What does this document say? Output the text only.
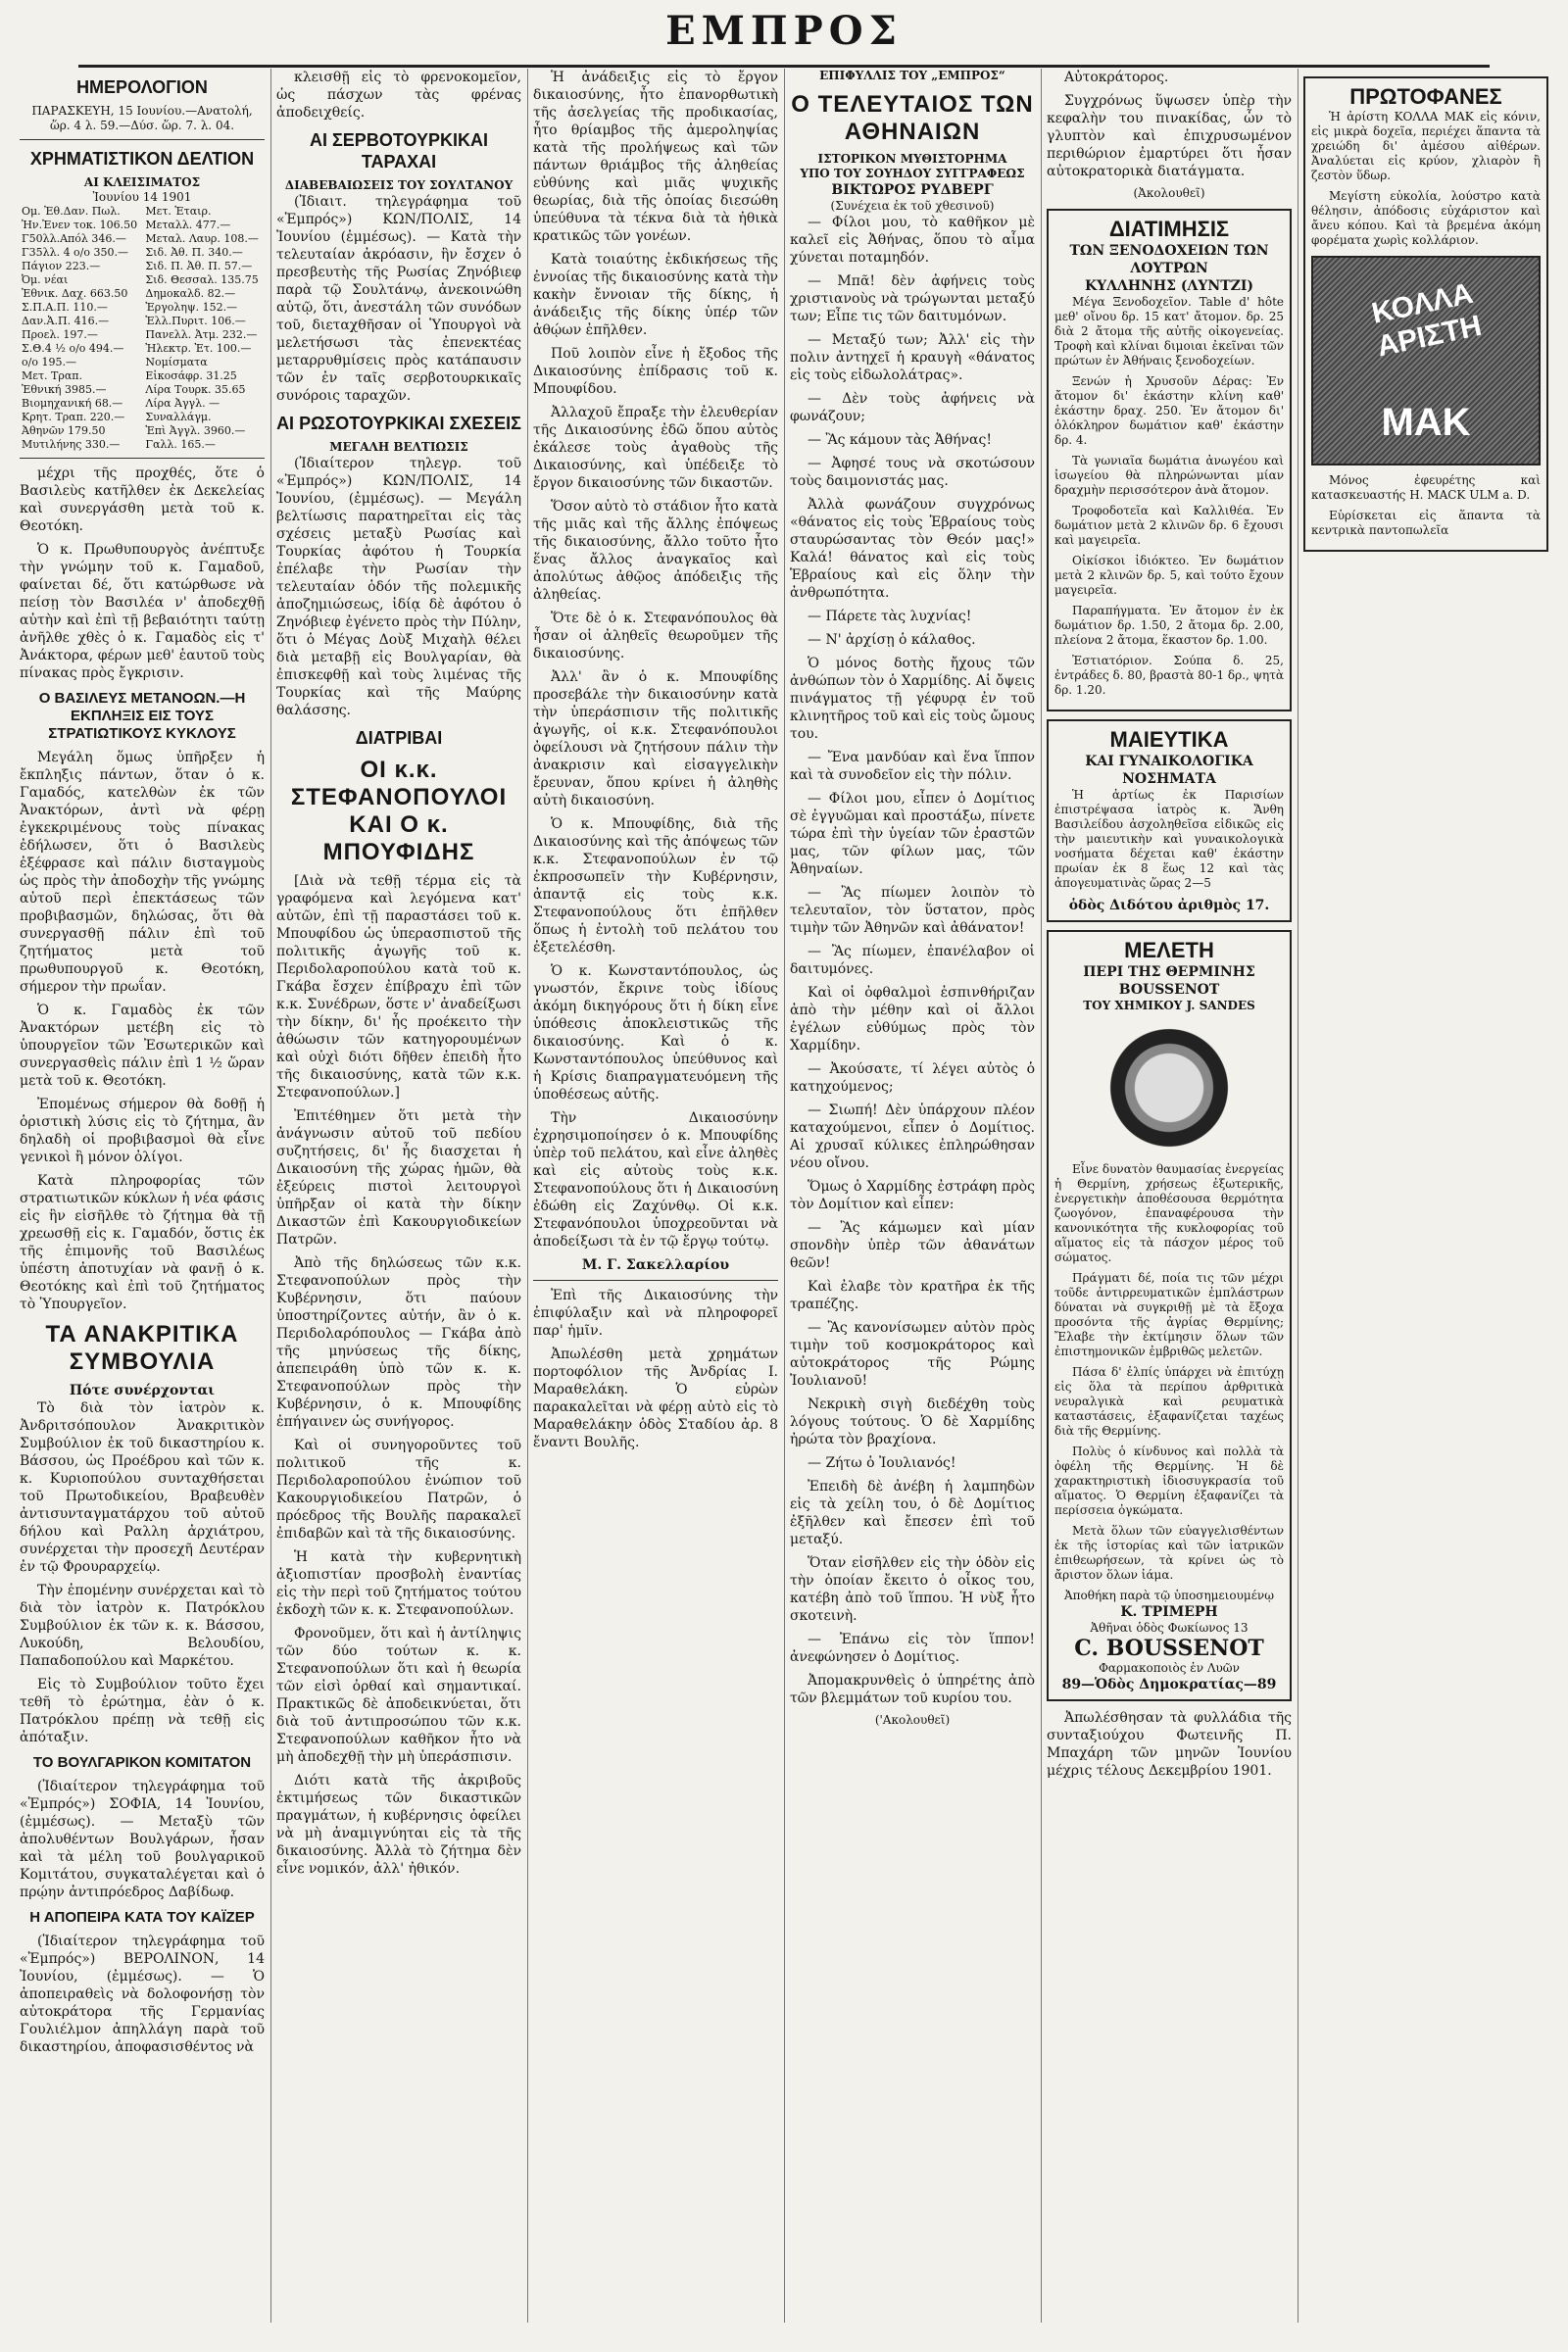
ΕΜΠΡΟΣ
ΗΜΕΡΟΛΟΓΙΟΝ
ΠΑΡΑΣΚΕΥΗ, 15 Ιουνίου.—Ανατολή,
ὥρ. 4 λ. 59.—Δύσ. ὥρ. 7. λ. 04.
ΧΡΗΜΑΤΙΣΤΙΚΟΝ ΔΕΛΤΙΟΝ
ΑΙ ΚΛΕΙΣΙΜΑΤΟΣ
Ἰουνίου 14 1901
Ομ. Ἐθ.Δαν. Πωλ.	Μετ. Ἑταιρ.
Ἡν.Ἐνεν τοκ. 106.50	Μεταλλ. 477.—
Γ50λλ.Απόλ 346.—	Μεταλ. Λαυρ. 108.—
Γ35λλ. 4 ο/ο 350.—	Σιδ. Ἀθ. Π. 340.—
Πάγιον 223.—	Σιδ. Π. Ἀθ. Π. 57.—
Ὀμ. νέαι	Σιδ. Θεσσαλ. 135.75
Ἐθνικ. Δαχ. 663.50	Δημοκαλδ. 82.—
Σ.Π.Α.Π. 110.—	Ἐργοληψ. 152.—
Δαν.Ἀ.Π. 416.—	Ἑλλ.Πυριτ. 106.—
Προελ. 197.—	Πανελλ. Ἀτμ. 232.—
Σ.Θ.4 ½ ο/ο 494.—	Ἠλεκτρ. Ἐτ. 100.—
ο/ο 195.—	Νομίσματα
Μετ. Τραπ.	Εἰκοσάφρ. 31.25
Ἐθνική 3985.—	Λίρα Τουρκ. 35.65
Βιομηχανική 68.—	Λίρα Ἀγγλ. —
Κρητ. Τραπ. 220.—	Συναλλάγμ.
Ἀθηνῶν 179.50	Ἐπὶ Ἀγγλ. 3960.—
Μυτιλήνης 330.—	Γαλλ. 165.—

μέχρι τῆς προχθές, ὅτε ὁ Βασιλεὺς κατῆλθεν ἐκ Δεκελείας καὶ συνεργάσθη μετὰ τοῦ κ. Θεοτόκη.

Ὁ κ. Πρωθυπουργὸς ἀνέπτυξε τὴν γνώμην τοῦ κ. Γαμαδοῦ, φαίνεται δέ, ὅτι κατώρθωσε νὰ πείσῃ τὸν Βασιλέα ν' ἀποδεχθῇ αὐτὴν καὶ ἐπὶ τῇ βεβαιότητι ταύτῃ ἀνῆλθε χθὲς ὁ κ. Γαμαδὸς εἰς τ' Ἀνάκτορα, φέρων μεθ' ἑαυτοῦ τοὺς πίνακας πρὸς ἔγκρισιν.

Ο ΒΑΣΙΛΕΥΣ ΜΕΤΑΝΟΩΝ.—Η ΕΚΠΛΗΞΙΣ ΕΙΣ ΤΟΥΣ ΣΤΡΑΤΙΩΤΙΚΟΥΣ ΚΥΚΛΟΥΣ

Μεγάλη ὅμως ὑπῆρξεν ἡ ἔκπληξις πάντων, ὅταν ὁ κ. Γαμαδός, κατελθὼν ἐκ τῶν Ἀνακτόρων, ἀντὶ νὰ φέρῃ ἐγκεκριμένους τοὺς πίνακας ἐδήλωσεν, ὅτι ὁ Βασιλεὺς ἐξέφρασε καὶ πάλιν δισταγμοὺς ὡς πρὸς τὴν ἀποδοχὴν τῆς γνώμης αὐτοῦ περὶ ἐπεκτάσεως τῶν προβιβασμῶν, δηλώσας, ὅτι θὰ συνεργασθῇ πάλιν ἐπὶ τοῦ ζητήματος μετὰ τοῦ πρωθυπουργοῦ κ. Θεοτόκη, σήμερον τὴν πρωΐαν.

Ὁ κ. Γαμαδὸς ἐκ τῶν Ἀνακτόρων μετέβη εἰς τὸ ὑπουργεῖον τῶν Ἐσωτερικῶν καὶ συνεργασθεὶς πάλιν ἐπὶ 1 ½ ὥραν μετὰ τοῦ κ. Θεοτόκη.

Ἐπομένως σήμερον θὰ δοθῇ ἡ ὁριστικὴ λύσις εἰς τὸ ζήτημα, ἂν δηλαδὴ οἱ προβιβασμοὶ θὰ εἶνε γενικοὶ ἢ μόνον ὀλίγοι.

Κατὰ πληροφορίας τῶν στρατιωτικῶν κύκλων ἡ νέα φάσις εἰς ἣν εἰσῆλθε τὸ ζήτημα θὰ τῇ χρεωσθῇ εἰς κ. Γαμαδόν, ὅστις ἐκ τῆς ἐπιμονῆς τοῦ Βασιλέως ὑπέστη ἀποτυχίαν νὰ φανῇ ὁ κ. Θεοτόκης καὶ ἐπὶ τοῦ ζητήματος τὸ Ὑπουργεῖον.

ΤΑ ΑΝΑΚΡΙΤΙΚΑ ΣΥΜΒΟΥΛΙΑ
Πότε συνέρχονται

Τὸ διὰ τὸν ἰατρὸν κ. Ἀνδριτσόπουλον Ἀνακριτικὸν Συμβούλιον ἐκ τοῦ δικαστηρίου κ. Βάσσου, ὡς Προέδρου καὶ τῶν κ. κ. Κυριοπούλου συνταχθήσεται τοῦ Πρωτοδικείου, Βραβευθὲν ἀντισυνταγματάρχου τοῦ αὐτοῦ δήλου καὶ Ραλλη ἀρχιάτρου, συνέρχεται τὴν προσεχῆ Δευτέραν ἐν τῷ Φρουραρχείῳ.

Τὴν ἐπομένην συνέρχεται καὶ τὸ διὰ τὸν ἰατρὸν κ. Πατρόκλου Συμβούλιον ἐκ τῶν κ. κ. Βάσσου, Λυκούδη, Βελουδίου, Παπαδοπούλου καὶ Μαρκέτου.

Εἰς τὸ Συμβούλιον τοῦτο ἔχει τεθῆ τὸ ἐρώτημα, ἐὰν ὁ κ. Πατρόκλου πρέπῃ νὰ τεθῇ εἰς ἀπόταξιν.

ΤΟ ΒΟΥΛΓΑΡΙΚΟΝ ΚΟΜΙΤΑΤΟΝ

(Ἰδιαίτερον τηλεγράφημα τοῦ «Ἐμπρός») ΣΟΦΙΑ, 14 Ἰουνίου, (ἐμμέσως). — Μεταξὺ τῶν ἀπολυθέντων Βουλγάρων, ἦσαν καὶ τὰ μέλη τοῦ βουλγαρικοῦ Κομιτάτου, συγκαταλέγεται καὶ ὁ πρῴην ἀντιπρόεδρος Δαβίδωφ.

Η ΑΠΟΠΕΙΡΑ ΚΑΤΑ ΤΟΥ ΚΑΪΖΕΡ

(Ἰδιαίτερον τηλεγράφημα τοῦ «Ἐμπρός») ΒΕΡΟΛΙΝΟΝ, 14 Ἰουνίου, (ἐμμέσως). — Ὁ ἀποπειραθεὶς νὰ δολοφονήσῃ τὸν αὐτοκράτορα τῆς Γερμανίας Γουλιέλμον ἀπηλλάγη παρὰ τοῦ δικαστηρίου, ἀποφασισθέντος νὰ

κλεισθῇ εἰς τὸ φρενοκομεῖον, ὡς πάσχων τὰς φρένας ἀποδειχθείς.

ΑΙ ΣΕΡΒΟΤΟΥΡΚΙΚΑΙ ΤΑΡΑΧΑΙ
ΔΙΑΒΕΒΑΙΩΣΕΙΣ ΤΟΥ ΣΟΥΛΤΑΝΟΥ

(Ἰδιαιτ. τηλεγράφημα τοῦ «Ἐμπρός») ΚΩΝ/ΠΟΛΙΣ, 14 Ἰουνίου (ἐμμέσως). — Κατὰ τὴν τελευταίαν ἀκρόασιν, ἣν ἔσχεν ὁ πρεσβευτὴς τῆς Ρωσίας Ζηνόβιεφ παρὰ τῷ Σουλτάνῳ, ἀνεκοινώθη αὐτῷ, ὅτι, ἀνεστάλη τῶν συνόδων τοῦ, διεταχθῆσαν οἱ Ὑπουργοὶ νὰ μελετήσωσι τὰς ἐπενεκτέας μεταρρυθμίσεις πρὸς κατάπαυσιν τῶν ἐν ταῖς σερβοτουρκικαῖς συνόροις ταραχῶν.

ΑΙ ΡΩΣΟΤΟΥΡΚΙΚΑΙ ΣΧΕΣΕΙΣ
ΜΕΓΑΛΗ ΒΕΛΤΙΩΣΙΣ

(Ἰδιαίτερον τηλεγρ. τοῦ «Ἐμπρός») ΚΩΝ/ΠΟΛΙΣ, 14 Ἰουνίου, (ἐμμέσως). — Μεγάλη βελτίωσις παρατηρεῖται εἰς τὰς σχέσεις μεταξὺ Ρωσίας καὶ Τουρκίας ἀφότου ἡ Τουρκία ἐπέλαβε τὴν Ρωσίαν τὴν τελευταίαν ὁδόν τῆς πολεμικῆς ἀποζημιώσεως, ἰδίᾳ δὲ ἀφότου ὁ Ζηνόβιεφ ἐγένετο πρὸς τὴν Πύλην, ὅτι ὁ Μέγας Δοὺξ Μιχαὴλ θέλει διὰ μεταβῇ εἰς Βουλγαρίαν, θὰ ἐπισκεφθῇ καὶ τοὺς λιμένας τῆς Τουρκίας καὶ τῆς Μαύρης θαλάσσης.

ΔΙΑΤΡΙΒΑΙ
ΟΙ κ.κ. ΣΤΕΦΑΝΟΠΟΥΛΟΙ ΚΑΙ Ο κ. ΜΠΟΥΦΙΔΗΣ

[Διὰ νὰ τεθῇ τέρμα εἰς τὰ γραφόμενα καὶ λεγόμενα κατ' αὐτῶν, ἐπὶ τῇ παραστάσει τοῦ κ. Μπουφίδου ὡς ὑπερασπιστοῦ τῆς πολιτικῆς ἀγωγῆς τοῦ κ. Περιδολαροπούλου κατὰ τοῦ κ. Γκάβα ἔσχεν ἐπίβραχυ ἐπὶ τῶν κ.κ. Συνέδρων, ὅστε ν' ἀναδείξωσι τὴν δίκην, δι' ἧς προέκειτο τὴν ἀθώωσιν τῶν κατηγορουμένων καὶ οὐχὶ διότι δῆθεν ἐπειδὴ ἦτο τῆς δικαιοσύνης, κατὰ τῶν κ.κ. Στεφανοπούλων.]

Ἐπιτέθημεν ὅτι μετὰ τὴν ἀνάγνωσιν αὐτοῦ τοῦ πεδίου συζητήσεις, δι' ἧς διασχεται ἡ Δικαιοσύνη τῆς χώρας ἡμῶν, θὰ ἐξεύρεις πιστοὶ λειτουργοὶ ὑπῆρξαν οἱ κατὰ τὴν δίκην Δικαστῶν ἐπὶ Κακουργιοδικείων Πατρῶν.

Ἀπὸ τῆς δηλώσεως τῶν κ.κ. Στεφανοπούλων πρὸς τὴν Κυβέρνησιν, ὅτι παύουν ὑποστηρίζοντες αὐτήν, ἂν ὁ κ. Περιδολαρόπουλος — Γκάβα ἀπὸ τῆς μηνύσεως τῆς δίκης, ἀπεπειράθη ὑπὸ τῶν κ. κ. Στεφανοπούλων πρὸς τὴν Κυβέρνησιν, ὁ κ. Μπουφίδης ἐπήγαινεν ὡς συνήγορος.

Καὶ οἱ συνηγοροῦντες τοῦ πολιτικοῦ τῆς κ. Περιδολαροπούλου ἐνώπιον τοῦ Κακουργιοδικείου Πατρῶν, ὁ πρόεδρος τῆς Βουλῆς παρακαλεῖ ἐπιδαβῶν καὶ τὰ τῆς δικαιοσύνης.

Ἡ κατὰ τὴν κυβερνητικὴ ἀξιοπιστίαν προσβολὴ ἐναντίας εἰς τὴν περὶ τοῦ ζητήματος τούτου ἐκδοχὴ τῶν κ. κ. Στεφανοπούλων.

Φρονοῦμεν, ὅτι καὶ ἡ ἀντίληψις τῶν δύο τούτων κ. κ. Στεφανοπούλων ὅτι καὶ ἡ θεωρία τῶν εἰσὶ ὀρθαί καὶ σημαντικαί. Πρακτικῶς δὲ ἀποδεικνύεται, ὅτι διὰ τοῦ ἀντιπροσώπου τῶν κ.κ. Στεφανοπούλων καθῆκον ἦτο νὰ μὴ ἀποδεχθῇ τὴν μὴ ὑπεράσπισιν.

Διότι κατὰ τῆς ἀκριβοῦς ἐκτιμήσεως τῶν δικαστικῶν πραγμάτων, ἡ κυβέρνησις ὀφείλει νὰ μὴ ἀναμιγνύηται εἰς τὰ τῆς δικαιοσύνης. Ἀλλὰ τὸ ζήτημα δὲν εἶνε νομικόν, ἀλλ' ἠθικόν.

Ἡ ἀνάδειξις εἰς τὸ ἔργον δικαιοσύνης, ἦτο ἐπανορθωτικὴ τῆς ἀσελγείας τῆς προδικασίας, ἦτο θρίαμβος τῆς ἀμεροληψίας κατὰ τῆς προλήψεως καὶ τῶν πάντων θριάμβος τῆς ἀληθείας εὐθύνης καὶ μιᾶς ψυχικῆς θεωρίας, διὰ τῆς ὁποίας διεσώθη ὑπεύθυνα τὰ τέκνα διὰ τὰ ἠθικὰ κρατικῶς τῶν γονέων.

Κατὰ τοιαύτης ἐκδικήσεως τῆς ἐννοίας τῆς δικαιοσύνης κατὰ τὴν κακὴν ἔννοιαν τῆς δίκης, ἡ ἀνάδειξις τῆς δίκης ὑπέρ τῶν ἀθῴων ἐπῆλθεν.

Ποῦ λοιπὸν εἶνε ἡ ἔξοδος τῆς Δικαιοσύνης ἐπίδρασις τοῦ κ. Μπουφίδου.

Ἀλλαχοῦ ἔπραξε τὴν ἐλευθερίαν τῆς Δικαιοσύνης ἐδῶ ὅπου αὐτὸς ἐκάλεσε τοὺς ἀγαθοὺς τῆς Δικαιοσύνης, καὶ ὑπέδειξε τὸ ἔργον δικαιοσύνης τῶν δικαστῶν.

Ὅσον αὐτὸ τὸ στάδιον ἦτο κατὰ τῆς μιᾶς καὶ τῆς ἄλλης ἐπόψεως τῆς δικαιοσύνης, ἄλλο τοῦτο ἦτο ἕνας ἄλλος ἀναγκαῖος καὶ ἀπολύτως ἀθῷος ἀπόδειξις τῆς ἀληθείας.

Ὅτε δὲ ὁ κ. Στεφανόπουλος θὰ ἦσαν οἱ ἀληθεῖς θεωροῦμεν τῆς δικαιοσύνης.

Ἀλλ' ἂν ὁ κ. Μπουφίδης προσεβάλε τὴν δικαιοσύνην κατὰ τὴν ὑπεράσπισιν τῆς πολιτικῆς ἀγωγῆς, οἱ κ.κ. Στεφανόπουλοι ὀφείλουσι νὰ ζητήσουν πάλιν τὴν ἀνακρισιν καὶ εἰσαγγελικὴν ἔρευναν, ὅπου κρίνει ἡ ἀληθὴς αὐτὴ δικαιοσύνη.

Ὁ κ. Μπουφίδης, διὰ τῆς Δικαιοσύνης καὶ τῆς ἀπόψεως τῶν κ.κ. Στεφανοπούλων ἐν τῷ ἐκπροσωπεῖν τὴν Κυβέρνησιν, ἀπαντᾷ εἰς τοὺς κ.κ. Στεφανοπούλους ὅτι ἐπῆλθεν ὅπως ἡ ἐντολὴ τοῦ πελάτου του ἐξετελέσθη.

Ὁ κ. Κωνσταντόπουλος, ὡς γνωστόν, ἔκρινε τοὺς ἰδίους ἀκόμη δικηγόρους ὅτι ἡ δίκη εἶνε ὑπόθεσις ἀποκλειστικῶς τῆς δικαιοσύνης. Καὶ ὁ κ. Κωνσταντόπουλος ὑπεύθυνος καὶ ἡ Κρίσις διαπραγματευόμενη τῆς ὑποθέσεως αὐτῆς.

Τὴν Δικαιοσύνην ἐχρησιμοποίησεν ὁ κ. Μπουφίδης ὑπὲρ τοῦ πελάτου, καὶ εἶνε ἀληθὲς καὶ εἰς αὐτοὺς τοὺς κ.κ. Στεφανοπούλους ὅτι ἡ Δικαιοσύνη ἐδώθη εἰς Ζαχύνθῳ. Οἱ κ.κ. Στεφανόπουλοι ὑποχρεοῦνται νὰ ἀποδείξωσι τὰ ἐν τῷ ἔργῳ τούτῳ.

Μ. Γ. Σακελλαρίου

Ἐπὶ τῆς Δικαιοσύνης τὴν ἐπιφύλαξιν καὶ νὰ πληροφορεῖ παρ' ἡμῖν.

Ἀπωλέσθη μετὰ χρημάτων πορτοφόλιον τῆς Ἀνδρίας Ι. Μαραθελάκη. Ὁ εὑρὼν παρακαλεῖται νὰ φέρῃ αὐτὸ εἰς τὸ Μαραθελάκην ὁδὸς Σταδίου ἀρ. 8 ἔναντι Βουλῆς.

ΕΠΙΦΥΛΛΙΣ ΤΟΥ „ΕΜΠΡΟΣ“
Ο ΤΕΛΕΥΤΑΙΟΣ ΤΩΝ ΑΘΗΝΑΙΩΝ
ΙΣΤΟΡΙΚΟΝ ΜΥΘΙΣΤΟΡΗΜΑ
ΥΠΟ ΤΟΥ ΣΟΥΗΔΟΥ ΣΥΓΓΡΑΦΕΩΣ
ΒΙΚΤΩΡΟΣ ΡΥΔΒΕΡΓ
(Συνέχεια ἐκ τοῦ χθεσινοῦ)

— Φίλοι μου, τὸ καθῆκον μὲ καλεῖ εἰς Ἀθήνας, ὅπου τὸ αἷμα χύνεται ποταμηδόν.

— Μπᾶ! δὲν ἀφήνεις τοὺς χριστιανοὺς νὰ τρώγωνται μεταξύ των; Εἶπε τις τῶν δαιτυμόνων.

— Μεταξύ των; Ἀλλ' εἰς τὴν πολιν ἀντηχεῖ ἡ κραυγὴ «θάνατος εἰς τοὺς εἰδωλολάτρας».

— Δὲν τοὺς ἀφήνεις νὰ φωνάζουν;

— Ἂς κάμουν τὰς Ἀθήνας!

— Ἀφησέ τους νὰ σκοτώσουν τοὺς δαιμονιστάς μας.

Ἀλλὰ φωνάζουν συγχρόνως «θάνατος εἰς τοὺς Ἑβραίους τοὺς σταυρώσαντας τὸν Θεόν μας!» Καλά! θάνατος καὶ εἰς τοὺς Ἑβραίους καὶ εἰς ὅλην τὴν ἀνθρωπότητα.

— Πάρετε τὰς λυχνίας!

— Ν' ἀρχίσῃ ὁ κάλαθος.

Ὁ μόνος δοτὴς ἤχους τῶν ἀνθώπων τὸν ὁ Χαρμίδης. Αἱ ὄψεις πινάγματος τῇ γέφυρᾳ ἐν τοῦ κλινητῆρος τοῦ καὶ εἰς τοὺς ὤμους του.

— Ἔνα μανδύαν καὶ ἕνα ἵππον καὶ τὰ συνοδεῖον εἰς τὴν πόλιν.

— Φίλοι μου, εἶπεν ὁ Δομίτιος σὲ ἐγγυῶμαι καὶ προστάξω, πίνετε τώρα ἐπὶ τὴν ὑγείαν τῶν ἐραστῶν μας, τῶν φίλων μας, τῶν Ἀθηναίων.

— Ἂς πίωμεν λοιπὸν τὸ τελευταῖον, τὸν ὕστατον, πρὸς τιμὴν τῶν Ἀθηνῶν καὶ ἀθάνατον!

— Ἂς πίωμεν, ἐπανέλαβον οἱ δαιτυμόνες.

Καὶ οἱ ὀφθαλμοὶ ἐσπινθήριζαν ἀπὸ τὴν μέθην καὶ οἱ ἄλλοι ἐγέλων εὐθύμως πρὸς τὸν Χαρμίδην.

— Ἀκούσατε, τί λέγει αὐτὸς ὁ κατηχούμενος;

— Σιωπή! Δὲν ὑπάρχουν πλέον καταχούμενοι, εἶπεν ὁ Δομίτιος. Αἱ χρυσαῖ κύλικες ἐπληρώθησαν νέου οἴνου.

Ὅμως ὁ Χαρμίδης ἐστράφη πρὸς τὸν Δομίτιον καὶ εἶπεν:

— Ἂς κάμωμεν καὶ μίαν σπονδὴν ὑπὲρ τῶν ἀθανάτων θεῶν!

Καὶ ἐλαβε τὸν κρατῆρα ἐκ τῆς τραπέζης.

— Ἂς κανονίσωμεν αὐτὸν πρὸς τιμὴν τοῦ κοσμοκράτορος καὶ αὐτοκράτορος τῆς Ρώμης Ἰουλιανοῦ!

Νεκρικὴ σιγὴ διεδέχθη τοὺς λόγους τούτους. Ὁ δὲ Χαρμίδης ἠρώτα τὸν βραχίονα.

— Ζήτω ὁ Ἰουλιανός!

Ἐπειδὴ δὲ ἀνέβη ἡ λαμπηδὼν εἰς τὰ χείλη του, ὁ δὲ Δομίτιος ἐξῆλθεν καὶ ἔπεσεν ἐπὶ τοῦ μεταξύ.

Ὅταν εἰσῆλθεν εἰς τὴν ὁδὸν εἰς τὴν ὁποίαν ἔκειτο ὁ οἶκος του, κατέβη ἀπὸ τοῦ ἵππου. Ἡ νὺξ ἦτο σκοτεινὴ.

— Ἐπάνω εἰς τὸν ἵππον! ἀνεφώνησεν ὁ Δομίτιος.

Ἀπομακρυνθεὶς ὁ ὑπηρέτης ἀπὸ τῶν βλεμμάτων τοῦ κυρίου του.

('Ακολουθεῖ)

Αὐτοκράτορος.

Συγχρόνως ὕψωσεν ὑπὲρ τὴν κεφαλὴν του πινακίδας, ὧν τὸ γλυπτὸν καὶ ἐπιχρυσωμένον περιθώριον ἐμαρτύρει ὅτι ἦσαν αὐτοκρατορικὰ διατάγματα.

(Ἀκολουθεῖ)
ΔΙΑΤΙΜΗΣΙΣ
ΤΩΝ ΞΕΝΟΔΟΧΕΙΩΝ ΤΩΝ ΛΟΥΤΡΩΝ
ΚΥΛΛΗΝΗΣ (ΛΥΝΤΖΙ)

Μέγα Ξενοδοχεῖον. Table d' hôte μεθ' οἴνου δρ. 15 κατ' ἄτομον. δρ. 25 διὰ 2 ἄτομα τῆς αὐτῆς οἰκογενείας. Τροφὴ καὶ κλίναι διμοιαι ἐκεῖναι τῶν πρώτων ἐν Ἀθήναις ξενοδοχείων.

Ξενών ἡ Χρυσοῦν Δέρας: Ἐν ἄτομον δι' ἑκάστην κλίνη καθ' ἑκάστην δραχ. 250. Ἐν ἄτομον δι' ὁλόκληρον δωμάτιον καθ' ἑκάστην δρ. 4.

Τὰ γωνιαῖα δωμάτια ἀνωγέου καὶ ἰσωγείου θὰ πληρώνωνται μίαν δραχμὴν περισσότερον ἀνὰ ἄτομον.

Τροφοδοτεῖα καὶ Καλλιθέα. Ἐν δωμάτιον μετὰ 2 κλινῶν δρ. 6 ἔχουσι καὶ μαγειρεῖα.

Οἰκίσκοι ἰδιόκτεο. Ἐν δωμάτιον μετὰ 2 κλινῶν δρ. 5, καὶ τούτο ἔχουν μαγειρεῖα.

Παραπήγματα. Ἐν ἄτομον ἐν ἐκ δωμάτιον δρ. 1.50, 2 ἄτομα δρ. 2.00, πλείονα 2 ἄτομα, ἕκαστον δρ. 1.00.

Ἐστιατόριον. Σούπα δ. 25, ἐντράδες δ. 80, βραστὰ 80-1 δρ., ψητὰ δρ. 1.20.

ΜΑΙΕΥΤΙΚΑ
ΚΑΙ ΓΥΝΑΙΚΟΛΟΓΙΚΑ ΝΟΣΗΜΑΤΑ

Ἡ ἀρτίως ἐκ Παρισίων ἐπιστρέψασα ἰατρὸς κ. Ἄνθη Βασιλείδου ἀσχοληθεῖσα εἰδικῶς εἰς τὴν μαιευτικὴν καὶ γυναικολογικὰ νοσήματα δέχεται καθ' ἑκάστην πρωίαν ἐκ 8 ἕως 12 καὶ τὰς ἀπογευματινὰς ὥρας 2—5

ὁδὸς Διδότου ἀριθμὸς 17.
ΜΕΛΕΤΗ
ΠΕΡΙ ΤΗΣ ΘΕΡΜΙΝΗΣ BOUSSENOT
ΤΟΥ ΧΗΜΙΚΟΥ J. SANDES

Εἶνε δυνατὸν θαυμασίας ἐνεργείας ἡ Θερμίνη, χρήσεως ἐξωτερικῆς, ἐνεργετικὴν ἀποθέσουσα θερμότητα ζωογόνον, ἐπαναφέρουσα τὴν κανονικότητα τῆς κυκλοφορίας τοῦ αἵματος εἰς τὰ πάσχον μέρος τοῦ σώματος.

Πράγματι δέ, ποία τις τῶν μέχρι τοῦδε ἀντιρρευματικῶν ἐμπλάστρων δύναται νὰ συγκριθῇ μὲ τὰ ἔξοχα προσόντα τῆς ἀγρίας Θερμίνης; Ἔλαβε τὴν ἐκτίμησιν ὅλων τῶν ἐπιστημονικῶν ἐμβριθῶς μελετῶν.

Πάσα δ' ἐλπίς ὑπάρχει νὰ ἐπιτύχῃ εἰς ὅλα τὰ περίπου ἀρθριτικὰ νευραλγικὰ καὶ ρευματικὰ καταστάσεις, ἐξαφανίζεται ταχέως διὰ τῆς Θερμίνης.

Πολὺς ὁ κίνδυνος καὶ πολλὰ τὰ ὀφέλη τῆς Θερμίνης. Ἡ δὲ χαρακτηριστικὴ ἰδιοσυγκρασία τοῦ αἵματος. Ὁ Θερμίνη ἐξαφανίζει τὰ περίσσεια ὀγκώματα.

Μετὰ ὅλων τῶν εὐαγγελισθέντων ἐκ τῆς ἱστορίας καὶ τῶν ἰατρικῶν ἐπιθεωρήσεων, τὰ κρίνει ὡς τὸ ἄριστον ὅλων ἰάμα.

Ἀποθήκη παρὰ τῷ ὑποσημειουμένῳ
Κ. ΤΡΙΜΕΡΗ
Ἀθῆναι ὁδὸς Φωκίωνος 13
C. BOUSSENOT
Φαρμακοποιὸς ἐν Λυῶν
89—Ὁδὸς Δημοκρατίας—89

Ἀπωλέσθησαν τὰ φυλλάδια τῆς συνταξιούχου Φωτεινῆς Π. Μπαχάρη τῶν μηνῶν Ἰουνίου μέχρις τέλους Δεκεμβρίου 1901.

ΠΡΩΤΟΦΑΝΕΣ

Ἡ ἀρίστη ΚΟΛΛΑ ΜΑΚ εἰς κόνιν, εἰς μικρὰ δοχεῖα, περιέχει ἅπαντα τὰ χρειώδη δι' ἀμέσου αἰθέρων. Ἀναλύεται εἰς κρύον, χλιαρὸν ἢ ζεστὸν ὕδωρ.

Μεγίστη εὐκολία, λούστρο κατὰ θέλησιν, ἀπόδοσις εὐχάριστον καὶ ἄνευ κόπου. Καὶ τὰ βρεμένα ἀκόμη φορέματα χωρὶς κολλάριον.

ΚΟΛΛΑ ΑΡΙΣΤΗ
ΜΑΚ

Μόνος ἐφευρέτης καὶ κατασκευαστής H. MACK ULM a. D.

Εὑρίσκεται εἰς ἅπαντα τὰ κεντρικὰ παντοπωλεῖα
